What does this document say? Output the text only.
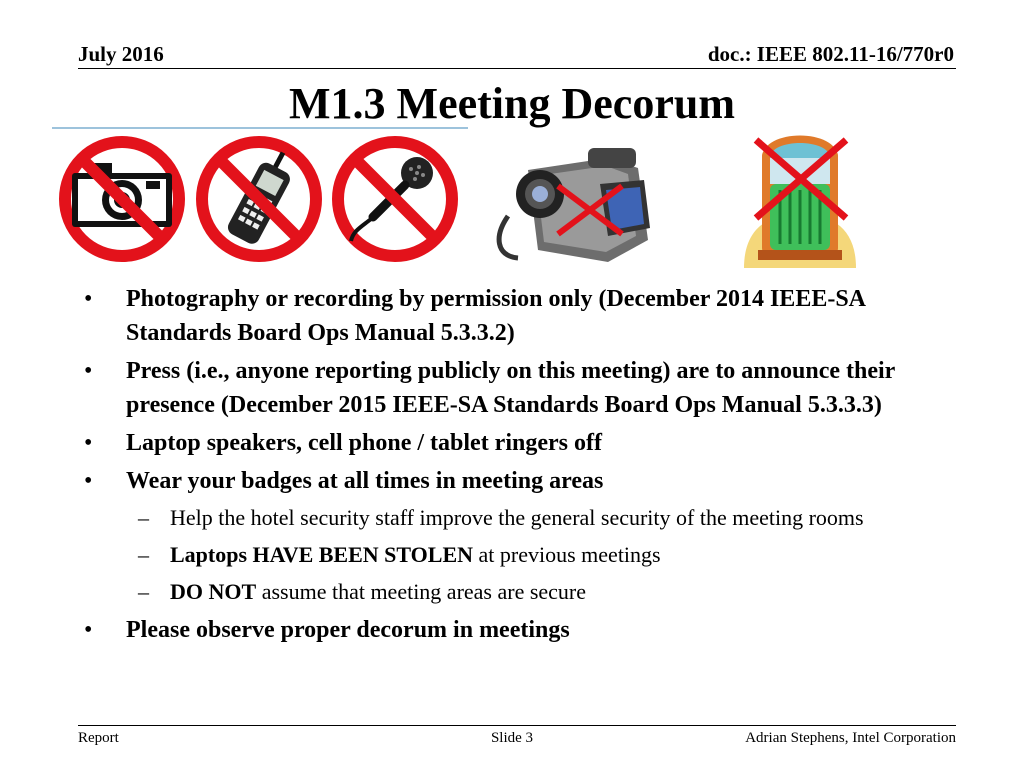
July 2016	doc.: IEEE 802.11-16/770r0
M1.3 Meeting Decorum
• Photography or recording by permission only (December 2014 IEEE-SA Standards Board Ops Manual 5.3.3.2)
• Press (i.e., anyone reporting publicly on this meeting) are to announce their presence (December 2015 IEEE-SA Standards Board Ops Manual 5.3.3.3)
• Laptop speakers, cell phone / tablet ringers off
• Wear your badges at all times in meeting areas
– Help the hotel security staff improve the general security of the meeting rooms
– Laptops HAVE BEEN STOLEN at previous meetings
– DO NOT assume that meeting areas are secure
• Please observe proper decorum in meetings
Report	Slide 3	Adrian Stephens, Intel Corporation
